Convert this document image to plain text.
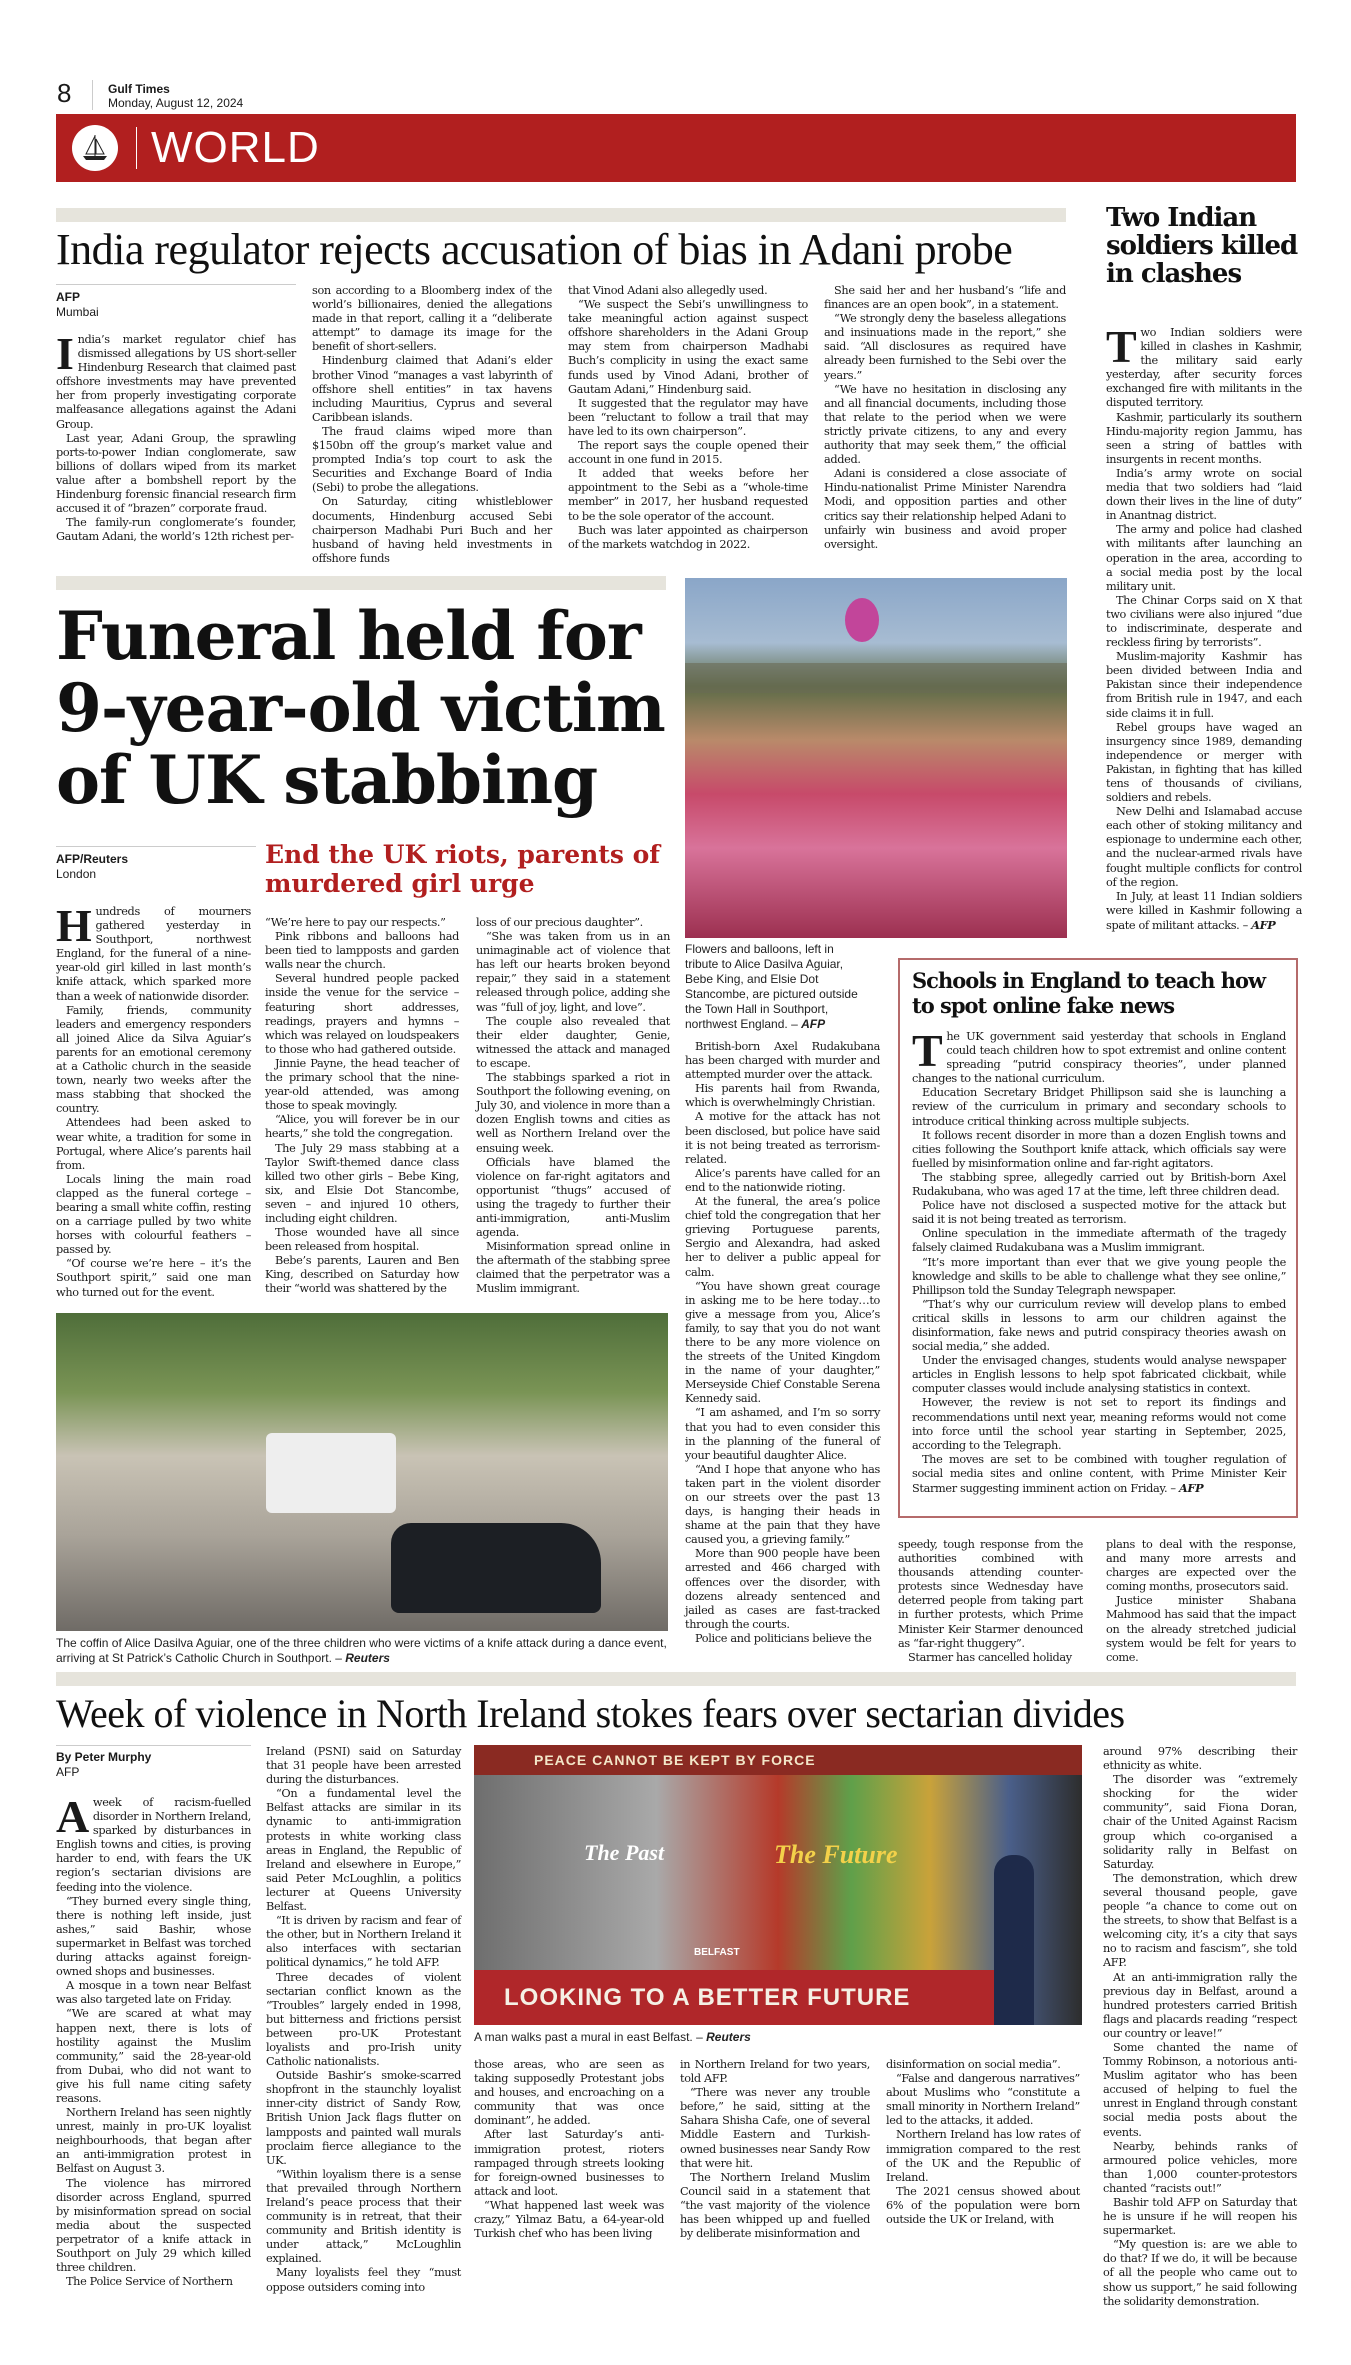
8	Gulf Times
Monday, August 12, 2024
WORLD
India regulator rejects accusation of bias in Adani probe
AFP
Mumbai

India’s market regulator chief has dismissed allegations by US short-seller Hindenburg Research that claimed past offshore investments may have prevented her from properly investigating corporate malfeasance allegations against the Adani Group.

Last year, Adani Group, the sprawling ports-to-power Indian conglomerate, saw billions of dollars wiped from its market value after a bombshell report by the Hindenburg forensic financial research firm accused it of “brazen” corporate fraud.

The family-run conglomerate’s founder, Gautam Adani, the world’s 12th richest per-

son according to a Bloomberg index of the world’s billionaires, denied the allegations made in that report, calling it a “deliberate attempt” to damage its image for the benefit of short-sellers.

Hindenburg claimed that Adani’s elder brother Vinod “manages a vast labyrinth of offshore shell entities” in tax havens including Mauritius, Cyprus and several Caribbean islands.

The fraud claims wiped more than $150bn off the group’s market value and prompted India’s top court to ask the Securities and Exchange Board of India (Sebi) to probe the allegations.

On Saturday, citing whistleblower documents, Hindenburg accused Sebi chairperson Madhabi Puri Buch and her husband of having held investments in offshore funds

that Vinod Adani also allegedly used.

“We suspect the Sebi’s unwillingness to take meaningful action against suspect offshore shareholders in the Adani Group may stem from chairperson Madhabi Buch’s complicity in using the exact same funds used by Vinod Adani, brother of Gautam Adani,” Hindenburg said.

It suggested that the regulator may have been “reluctant to follow a trail that may have led to its own chairperson”.

The report says the couple opened their account in one fund in 2015.

It added that weeks before her appointment to the Sebi as a “whole-time member” in 2017, her husband requested to be the sole operator of the account.

Buch was later appointed as chairperson of the markets watchdog in 2022.

She said her and her husband’s “life and finances are an open book”, in a statement.

“We strongly deny the baseless allegations and insinuations made in the report,” she said. “All disclosures as required have already been furnished to the Sebi over the years.”

“We have no hesitation in disclosing any and all financial documents, including those that relate to the period when we were strictly private citizens, to any and every authority that may seek them,” the official added.

Adani is considered a close associate of Hindu-nationalist Prime Minister Narendra Modi, and opposition parties and other critics say their relationship helped Adani to unfairly win business and avoid proper oversight.

Two Indian soldiers killed in clashes

Two Indian soldiers were killed in clashes in Kashmir, the military said early yesterday, after security forces exchanged fire with militants in the disputed territory.

Kashmir, particularly its southern Hindu-majority region Jammu, has seen a string of battles with insurgents in recent months.

India’s army wrote on social media that two soldiers had “laid down their lives in the line of duty” in Anantnag district.

The army and police had clashed with militants after launching an operation in the area, according to a social media post by the local military unit.

The Chinar Corps said on X that two civilians were also injured “due to indiscriminate, desperate and reckless firing by terrorists”.

Muslim-majority Kashmir has been divided between India and Pakistan since their independence from British rule in 1947, and each side claims it in full.

Rebel groups have waged an insurgency since 1989, demanding independence or merger with Pakistan, in fighting that has killed tens of thousands of civilians, soldiers and rebels.

New Delhi and Islamabad accuse each other of stoking militancy and espionage to undermine each other, and the nuclear-armed rivals have fought multiple conflicts for control of the region.

In July, at least 11 Indian soldiers were killed in Kashmir following a spate of militant attacks. – AFP

Funeral held for 9-year-old victim of UK stabbing
AFP/Reuters
London
End the UK riots, parents of murdered girl urge

Hundreds of mourners gathered yesterday in Southport, northwest England, for the funeral of a nine-year-old girl killed in last month’s knife attack, which sparked more than a week of nationwide disorder.

Family, friends, community leaders and emergency responders all joined Alice da Silva Aguiar’s parents for an emotional ceremony at a Catholic church in the seaside town, nearly two weeks after the mass stabbing that shocked the country.

Attendees had been asked to wear white, a tradition for some in Portugal, where Alice’s parents hail from.

Locals lining the main road clapped as the funeral cortege – bearing a small white coffin, resting on a carriage pulled by two white horses with colourful feathers – passed by.

“Of course we’re here – it’s the Southport spirit,” said one man who turned out for the event.

“We’re here to pay our respects.”

Pink ribbons and balloons had been tied to lampposts and garden walls near the church.

Several hundred people packed inside the venue for the service – featuring short addresses, readings, prayers and hymns – which was relayed on loudspeakers to those who had gathered outside.

Jinnie Payne, the head teacher of the primary school that the nine-year-old attended, was among those to speak movingly.

“Alice, you will forever be in our hearts,” she told the congregation.

The July 29 mass stabbing at a Taylor Swift-themed dance class killed two other girls – Bebe King, six, and Elsie Dot Stancombe, seven – and injured 10 others, including eight children.

Those wounded have all since been released from hospital.

Bebe’s parents, Lauren and Ben King, described on Saturday how their “world was shattered by the

loss of our precious daughter”.

“She was taken from us in an unimaginable act of violence that has left our hearts broken beyond repair,” they said in a statement released through police, adding she was “full of joy, light, and love”.

The couple also revealed that their elder daughter, Genie, witnessed the attack and managed to escape.

The stabbings sparked a riot in Southport the following evening, on July 30, and violence in more than a dozen English towns and cities as well as Northern Ireland over the ensuing week.

Officials have blamed the violence on far-right agitators and opportunist “thugs” accused of using the tragedy to further their anti-immigration, anti-Muslim agenda.

Misinformation spread online in the aftermath of the stabbing spree claimed that the perpetrator was a Muslim immigrant.

Flowers and balloons, left in tribute to Alice Dasilva Aguiar, Bebe King, and Elsie Dot Stancombe, are pictured outside the Town Hall in Southport, northwest England. – AFP

British-born Axel Rudakubana has been charged with murder and attempted murder over the attack.

His parents hail from Rwanda, which is overwhelmingly Christian.

A motive for the attack has not been disclosed, but police have said it is not being treated as terrorism-related.

Alice’s parents have called for an end to the nationwide rioting.

At the funeral, the area’s police chief told the congregation that her grieving Portuguese parents, Sergio and Alexandra, had asked her to deliver a public appeal for calm.

“You have shown great courage in asking me to be here today…to give a message from you, Alice’s family, to say that you do not want there to be any more violence on the streets of the United Kingdom in the name of your daughter,” Merseyside Chief Constable Serena Kennedy said.

“I am ashamed, and I’m so sorry that you had to even consider this in the planning of the funeral of your beautiful daughter Alice.

“And I hope that anyone who has taken part in the violent disorder on our streets over the past 13 days, is hanging their heads in shame at the pain that they have caused you, a grieving family.”

More than 900 people have been arrested and 466 charged with offences over the disorder, with dozens already sentenced and jailed as cases are fast-tracked through the courts.

Police and politicians believe the

The coffin of Alice Dasilva Aguiar, one of the three children who were victims of a knife attack during a dance event, arriving at St Patrick’s Catholic Church in Southport. – Reuters

speedy, tough response from the authorities combined with thousands attending counter-protests since Wednesday have deterred people from taking part in further protests, which Prime Minister Keir Starmer denounced as “far-right thuggery”.

Starmer has cancelled holiday

plans to deal with the response, and many more arrests and charges are expected over the coming months, prosecutors said.

Justice minister Shabana Mahmood has said that the impact on the already stretched judicial system would be felt for years to come.

Schools in England to teach how to spot online fake news

The UK government said yesterday that schools in England could teach children how to spot extremist and online content spreading “putrid conspiracy theories”, under planned changes to the national curriculum.

Education Secretary Bridget Phillipson said she is launching a review of the curriculum in primary and secondary schools to introduce critical thinking across multiple subjects.

It follows recent disorder in more than a dozen English towns and cities following the Southport knife attack, which officials say were fuelled by misinformation online and far-right agitators.

The stabbing spree, allegedly carried out by British-born Axel Rudakubana, who was aged 17 at the time, left three children dead.

Police have not disclosed a suspected motive for the attack but said it is not being treated as terrorism.

Online speculation in the immediate aftermath of the tragedy falsely claimed Rudakubana was a Muslim immigrant.

“It’s more important than ever that we give young people the knowledge and skills to be able to challenge what they see online,” Phillipson told the Sunday Telegraph newspaper.

“That’s why our curriculum review will develop plans to embed critical skills in lessons to arm our children against the disinformation, fake news and putrid conspiracy theories awash on social media,” she added.

Under the envisaged changes, students would analyse newspaper articles in English lessons to help spot fabricated clickbait, while computer classes would include analysing statistics in context.

However, the review is not set to report its findings and recommendations until next year, meaning reforms would not come into force until the school year starting in September, 2025, according to the Telegraph.

The moves are set to be combined with tougher regulation of social media sites and online content, with Prime Minister Keir Starmer suggesting imminent action on Friday. – AFP

Week of violence in North Ireland stokes fears over sectarian divides
By Peter Murphy
AFP

Aweek of racism-fuelled disorder in Northern Ireland, sparked by disturbances in English towns and cities, is proving harder to end, with fears the UK region’s sectarian divisions are feeding into the violence.

“They burned every single thing, there is nothing left inside, just ashes,” said Bashir, whose supermarket in Belfast was torched during attacks against foreign-owned shops and businesses.

A mosque in a town near Belfast was also targeted late on Friday.

“We are scared at what may happen next, there is lots of hostility against the Muslim community,” said the 28-year-old from Dubai, who did not want to give his full name citing safety reasons.

Northern Ireland has seen nightly unrest, mainly in pro-UK loyalist neighbourhoods, that began after an anti-immigration protest in Belfast on August 3.

The violence has mirrored disorder across England, spurred by misinformation spread on social media about the suspected perpetrator of a knife attack in Southport on July 29 which killed three children.

The Police Service of Northern

Ireland (PSNI) said on Saturday that 31 people have been arrested during the disturbances.

“On a fundamental level the Belfast attacks are similar in its dynamic to anti-immigration protests in white working class areas in England, the Republic of Ireland and elsewhere in Europe,” said Peter McLoughlin, a politics lecturer at Queens University Belfast.

“It is driven by racism and fear of the other, but in Northern Ireland it also interfaces with sectarian political dynamics,” he told AFP.

Three decades of violent sectarian conflict known as the “Troubles” largely ended in 1998, but bitterness and frictions persist between pro-UK Protestant loyalists and pro-Irish unity Catholic nationalists.

Outside Bashir’s smoke-scarred shopfront in the staunchly loyalist inner-city district of Sandy Row, British Union Jack flags flutter on lampposts and painted wall murals proclaim fierce allegiance to the UK.

“Within loyalism there is a sense that prevailed through Northern Ireland’s peace process that their community is in retreat, that their community and British identity is under attack,” McLoughlin explained.

Many loyalists feel they “must oppose outsiders coming into

PEACE CANNOT BE KEPT BY FORCE
The Past	The Future
BELFAST
LOOKING TO A BETTER FUTURE
A man walks past a mural in east Belfast. – Reuters

those areas, who are seen as taking supposedly Protestant jobs and houses, and encroaching on a community that was once dominant”, he added.

After last Saturday’s anti-immigration protest, rioters rampaged through streets looking for foreign-owned businesses to attack and loot.

“What happened last week was crazy,” Yilmaz Batu, a 64-year-old Turkish chef who has been living

in Northern Ireland for two years, told AFP.

“There was never any trouble before,” he said, sitting at the Sahara Shisha Cafe, one of several Middle Eastern and Turkish-owned businesses near Sandy Row that were hit.

The Northern Ireland Muslim Council said in a statement that “the vast majority of the violence has been whipped up and fuelled by deliberate misinformation and

disinformation on social media”.

“False and dangerous narratives” about Muslims who “constitute a small minority in Northern Ireland” led to the attacks, it added.

Northern Ireland has low rates of immigration compared to the rest of the UK and the Republic of Ireland.

The 2021 census showed about 6% of the population were born outside the UK or Ireland, with

around 97% describing their ethnicity as white.

The disorder was “extremely shocking for the wider community”, said Fiona Doran, chair of the United Against Racism group which co-organised a solidarity rally in Belfast on Saturday.

The demonstration, which drew several thousand people, gave people “a chance to come out on the streets, to show that Belfast is a welcoming city, it’s a city that says no to racism and fascism”, she told AFP.

At an anti-immigration rally the previous day in Belfast, around a hundred protesters carried British flags and placards reading “respect our country or leave!”

Some chanted the name of Tommy Robinson, a notorious anti-Muslim agitator who has been accused of helping to fuel the unrest in England through constant social media posts about the events.

Nearby, behinds ranks of armoured police vehicles, more than 1,000 counter-protestors chanted “racists out!”

Bashir told AFP on Saturday that he is unsure if he will reopen his supermarket.

“My question is: are we able to do that? If we do, it will be because of all the people who came out to show us support,” he said following the solidarity demonstration.
